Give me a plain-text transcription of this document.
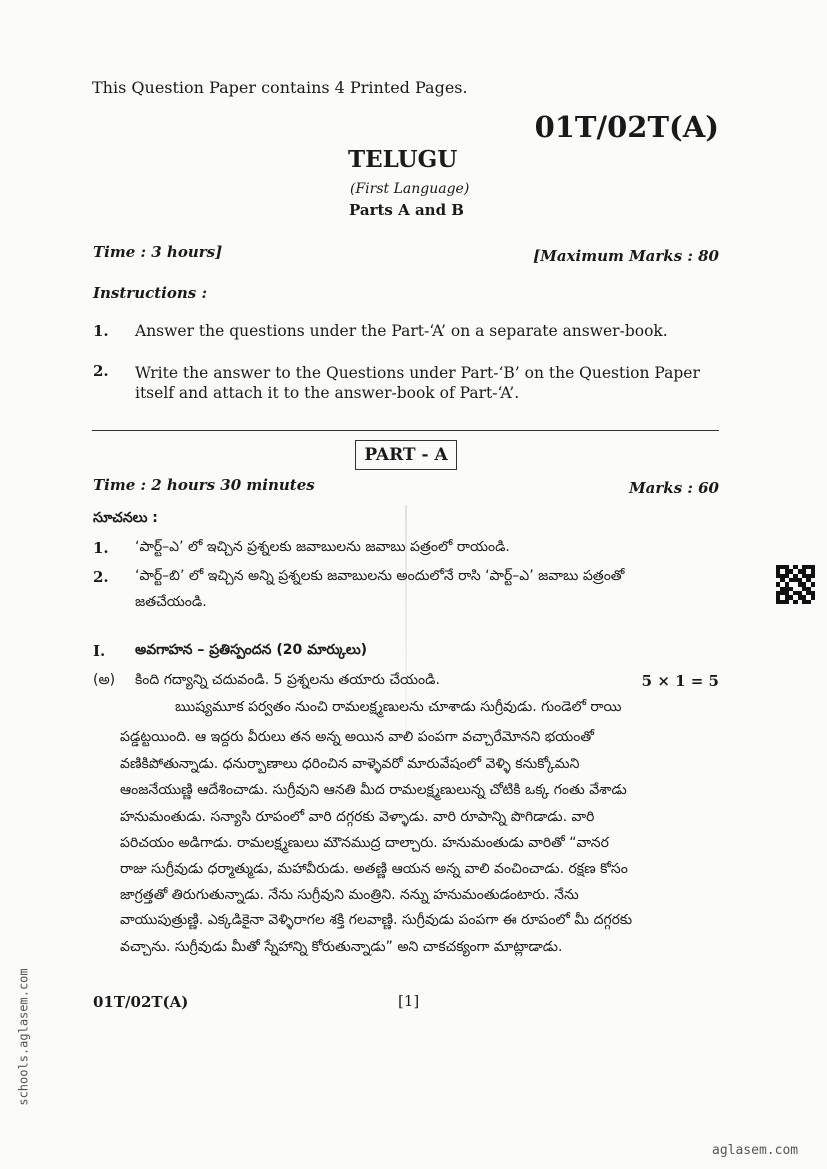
This Question Paper contains 4 Printed Pages.
01T/02T(A)
TELUGU
(First Language)
Parts A and B
Time : 3 hours]	[Maximum Marks : 80
Instructions :
1. Answer the questions under the Part-‘A’ on a separate answer-book.
2. Write the answer to the Questions under Part-‘B’ on the Question Paper
itself and attach it to the answer-book of Part-‘A’.
PART - A
Time : 2 hours 30 minutes	Marks : 60
సూచనలు :
1. ‘పార్ట్–ఎ’ లో ఇచ్చిన ప్రశ్నలకు జవాబులను జవాబు పత్రంలో రాయండి.
2. ‘పార్ట్–బి’ లో ఇచ్చిన అన్ని ప్రశ్నలకు జవాబులను అందులోనే రాసి ‘పార్ట్–ఎ’ జవాబు పత్రంతో
జతచేయండి.
I. అవగాహన – ప్రతిస్పందన (20 మార్కులు)
(అ) కింది గద్యాన్ని చదువండి. 5 ప్రశ్నలను తయారు చేయండి.	5 × 1 = 5
ఋష్యమూక పర్వతం నుంచి రామలక్ష్మణులను చూశాడు సుగ్రీవుడు. గుండెలో రాయి
పడ్డట్టయింది. ఆ ఇద్దరు వీరులు తన అన్న అయిన వాలి పంపగా వచ్చారేమోనని భయంతో
వణికిపోతున్నాడు. ధనుర్బాణాలు ధరించిన వాళ్ళెవరో మారువేషంలో వెళ్ళి కనుక్కోమని
ఆంజనేయుణ్ణి ఆదేశించాడు. సుగ్రీవుని ఆనతి మీద రామలక్ష్మణులున్న చోటికి ఒక్క గంతు వేశాడు
హనుమంతుడు. సన్యాసి రూపంలో వారి దగ్గరకు వెళ్ళాడు. వారి రూపాన్ని పొగిడాడు. వారి
పరిచయం అడిగాడు. రామలక్ష్మణులు మౌనముద్ర దాల్చారు. హనుమంతుడు వారితో “వానర
రాజు సుగ్రీవుడు ధర్మాత్ముడు, మహావీరుడు. అతణ్ణి ఆయన అన్న వాలి వంచించాడు. రక్షణ కోసం
జాగ్రత్తతో తిరుగుతున్నాడు. నేను సుగ్రీవుని మంత్రిని. నన్ను హనుమంతుడంటారు. నేను
వాయుపుత్రుణ్ణి. ఎక్కడికైనా వెళ్ళిరాగల శక్తి గలవాణ్ణి. సుగ్రీవుడు పంపగా ఈ రూపంలో మీ దగ్గరకు
వచ్చాను. సుగ్రీవుడు మీతో స్నేహాన్ని కోరుతున్నాడు” అని చాకచక్యంగా మాట్లాడాడు.
01T/02T(A)	[1]
schools.aglasem.com
aglasem.com
